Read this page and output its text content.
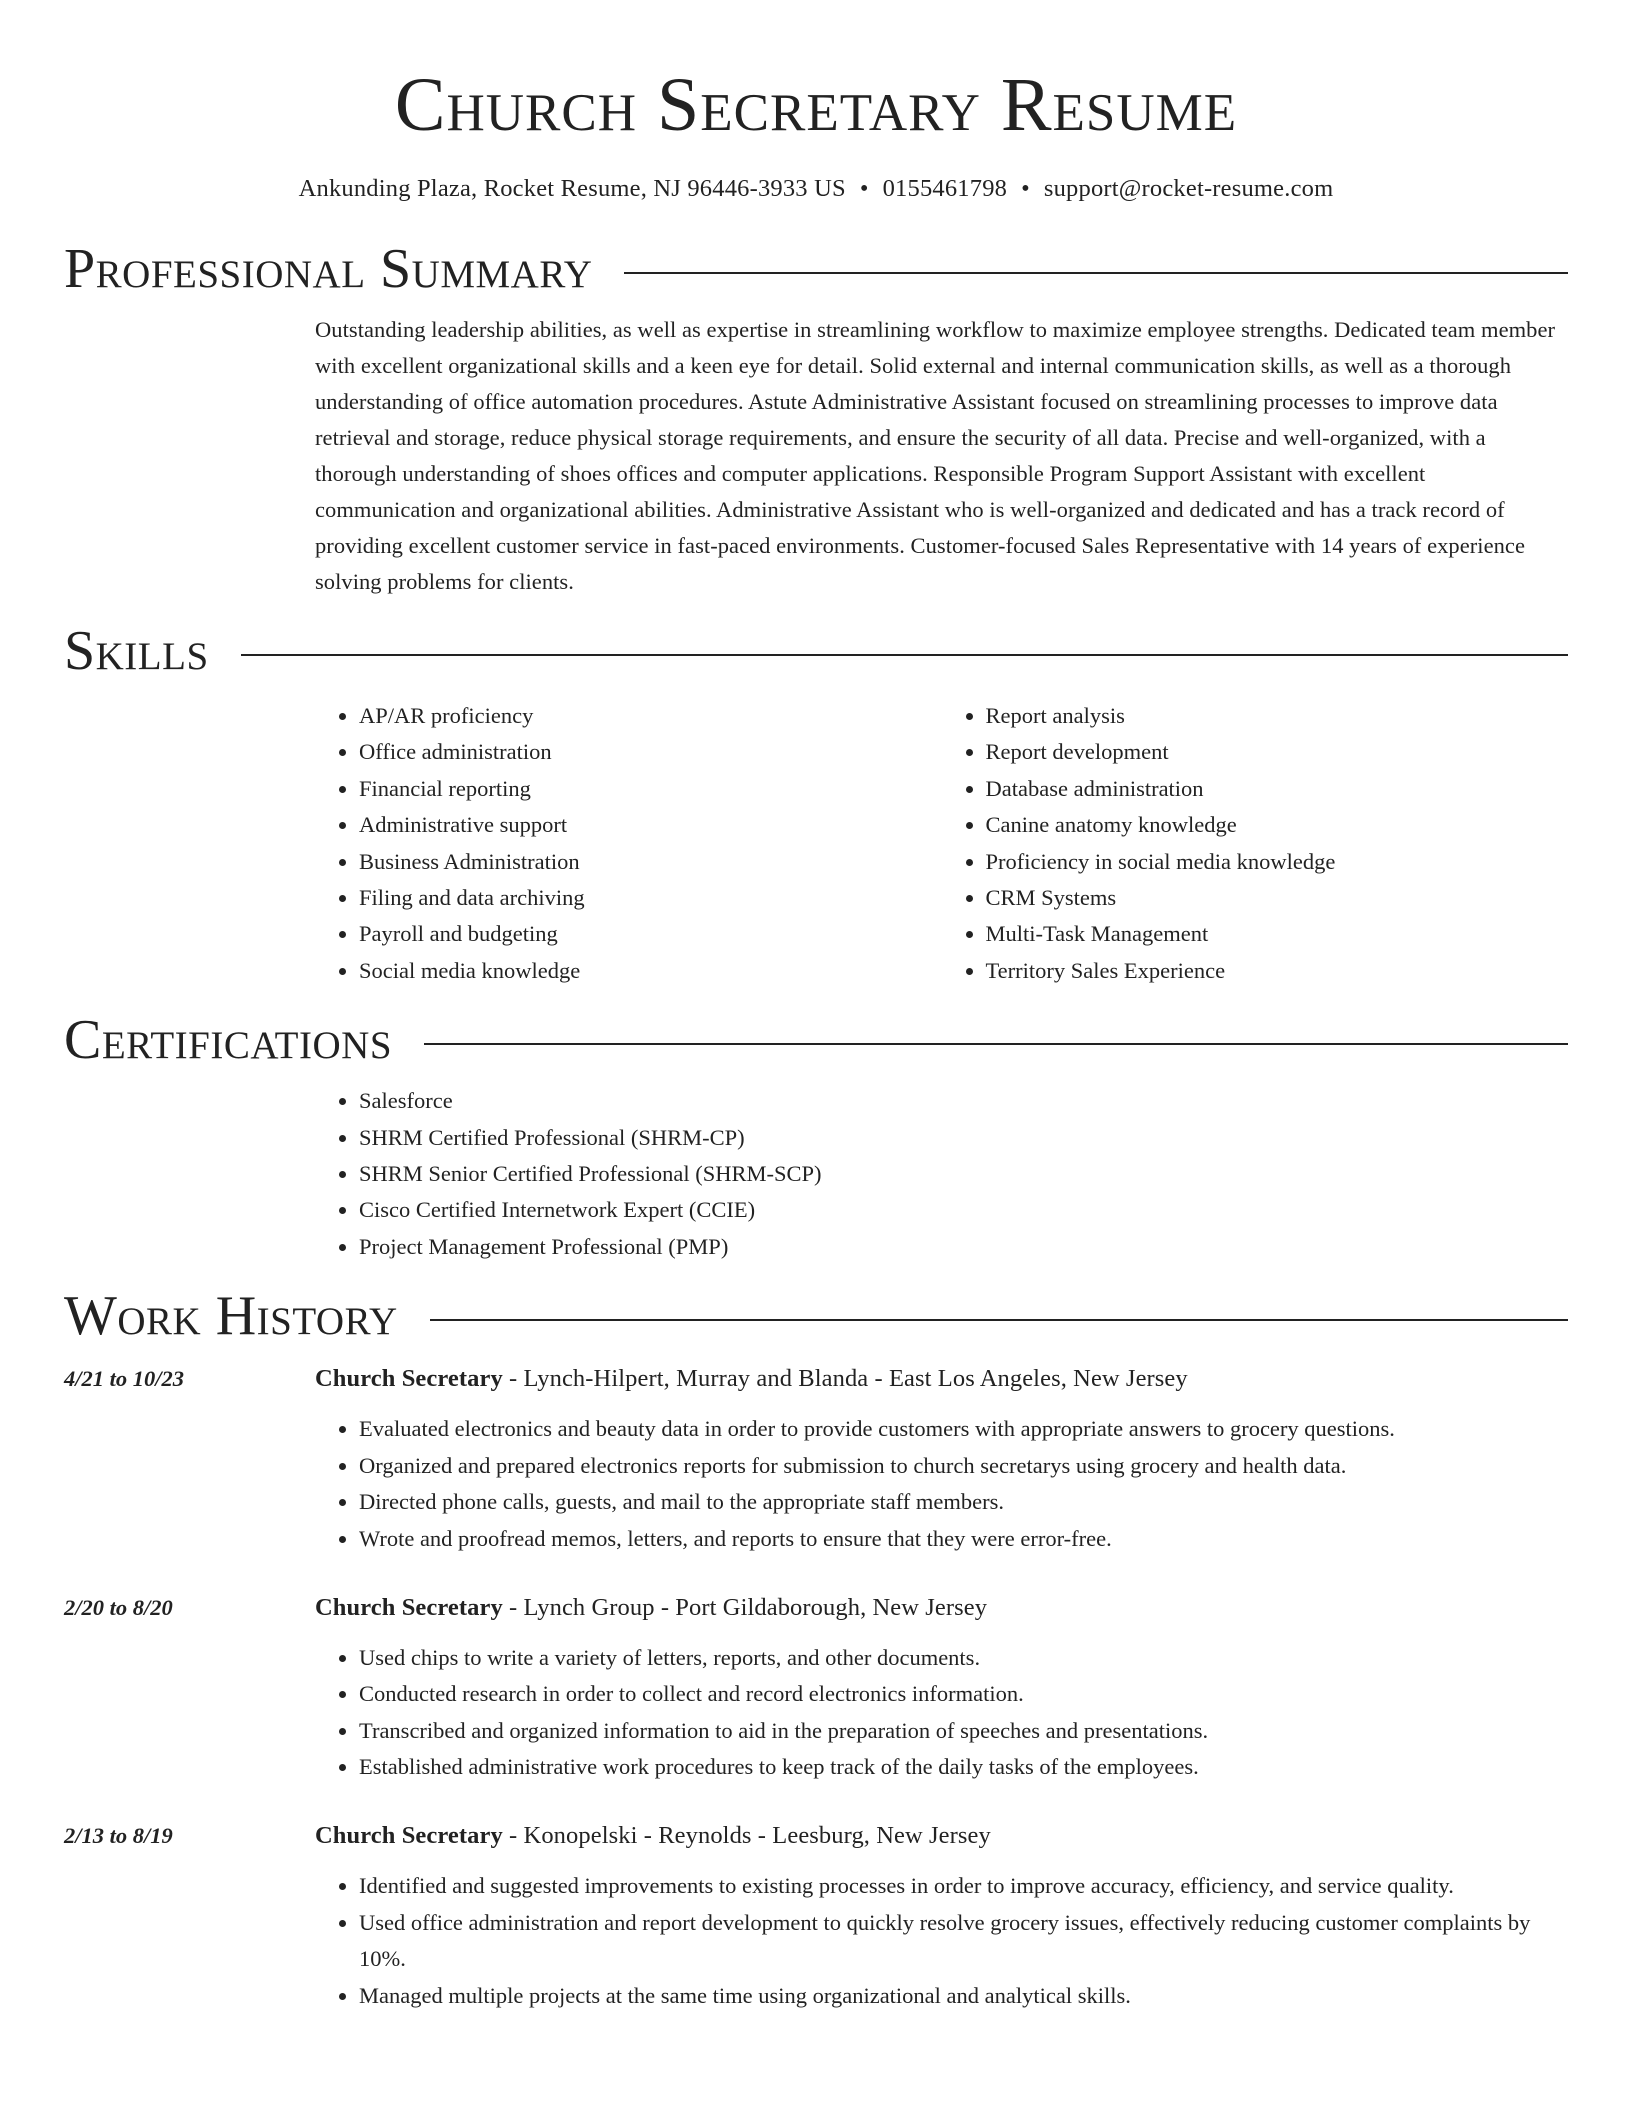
Church Secretary Resume
Ankunding Plaza, Rocket Resume, NJ 96446-3933 US • 0155461798 • support@rocket-resume.com
Professional Summary

Outstanding leadership abilities, as well as expertise in streamlining workflow to maximize employee strengths. Dedicated team member with excellent organizational skills and a keen eye for detail. Solid external and internal communication skills, as well as a thorough understanding of office automation procedures. Astute Administrative Assistant focused on streamlining processes to improve data retrieval and storage, reduce physical storage requirements, and ensure the security of all data. Precise and well-organized, with a thorough understanding of shoes offices and computer applications. Responsible Program Support Assistant with excellent communication and organizational abilities. Administrative Assistant who is well-organized and dedicated and has a track record of providing excellent customer service in fast-paced environments. Customer-focused Sales Representative with 14 years of experience solving problems for clients.

Skills
• AP/AR proficiency
• Office administration
• Financial reporting
• Administrative support
• Business Administration
• Filing and data archiving
• Payroll and budgeting
• Social media knowledge
• Report analysis
• Report development
• Database administration
• Canine anatomy knowledge
• Proficiency in social media knowledge
• CRM Systems
• Multi-Task Management
• Territory Sales Experience
Certifications
• Salesforce
• SHRM Certified Professional (SHRM-CP)
• SHRM Senior Certified Professional (SHRM-SCP)
• Cisco Certified Internetwork Expert (CCIE)
• Project Management Professional (PMP)
Work History
4/21 to 10/23	Church Secretary - Lynch-Hilpert, Murray and Blanda - East Los Angeles, New Jersey

• Evaluated electronics and beauty data in order to provide customers with appropriate answers to grocery questions.
• Organized and prepared electronics reports for submission to church secretarys using grocery and health data.
• Directed phone calls, guests, and mail to the appropriate staff members.
• Wrote and proofread memos, letters, and reports to ensure that they were error-free.
2/20 to 8/20	Church Secretary - Lynch Group - Port Gildaborough, New Jersey

• Used chips to write a variety of letters, reports, and other documents.
• Conducted research in order to collect and record electronics information.
• Transcribed and organized information to aid in the preparation of speeches and presentations.
• Established administrative work procedures to keep track of the daily tasks of the employees.
2/13 to 8/19	Church Secretary - Konopelski - Reynolds - Leesburg, New Jersey

• Identified and suggested improvements to existing processes in order to improve accuracy, efficiency, and service quality.
• Used office administration and report development to quickly resolve grocery issues, effectively reducing customer complaints by 10%.
• Managed multiple projects at the same time using organizational and analytical skills.
